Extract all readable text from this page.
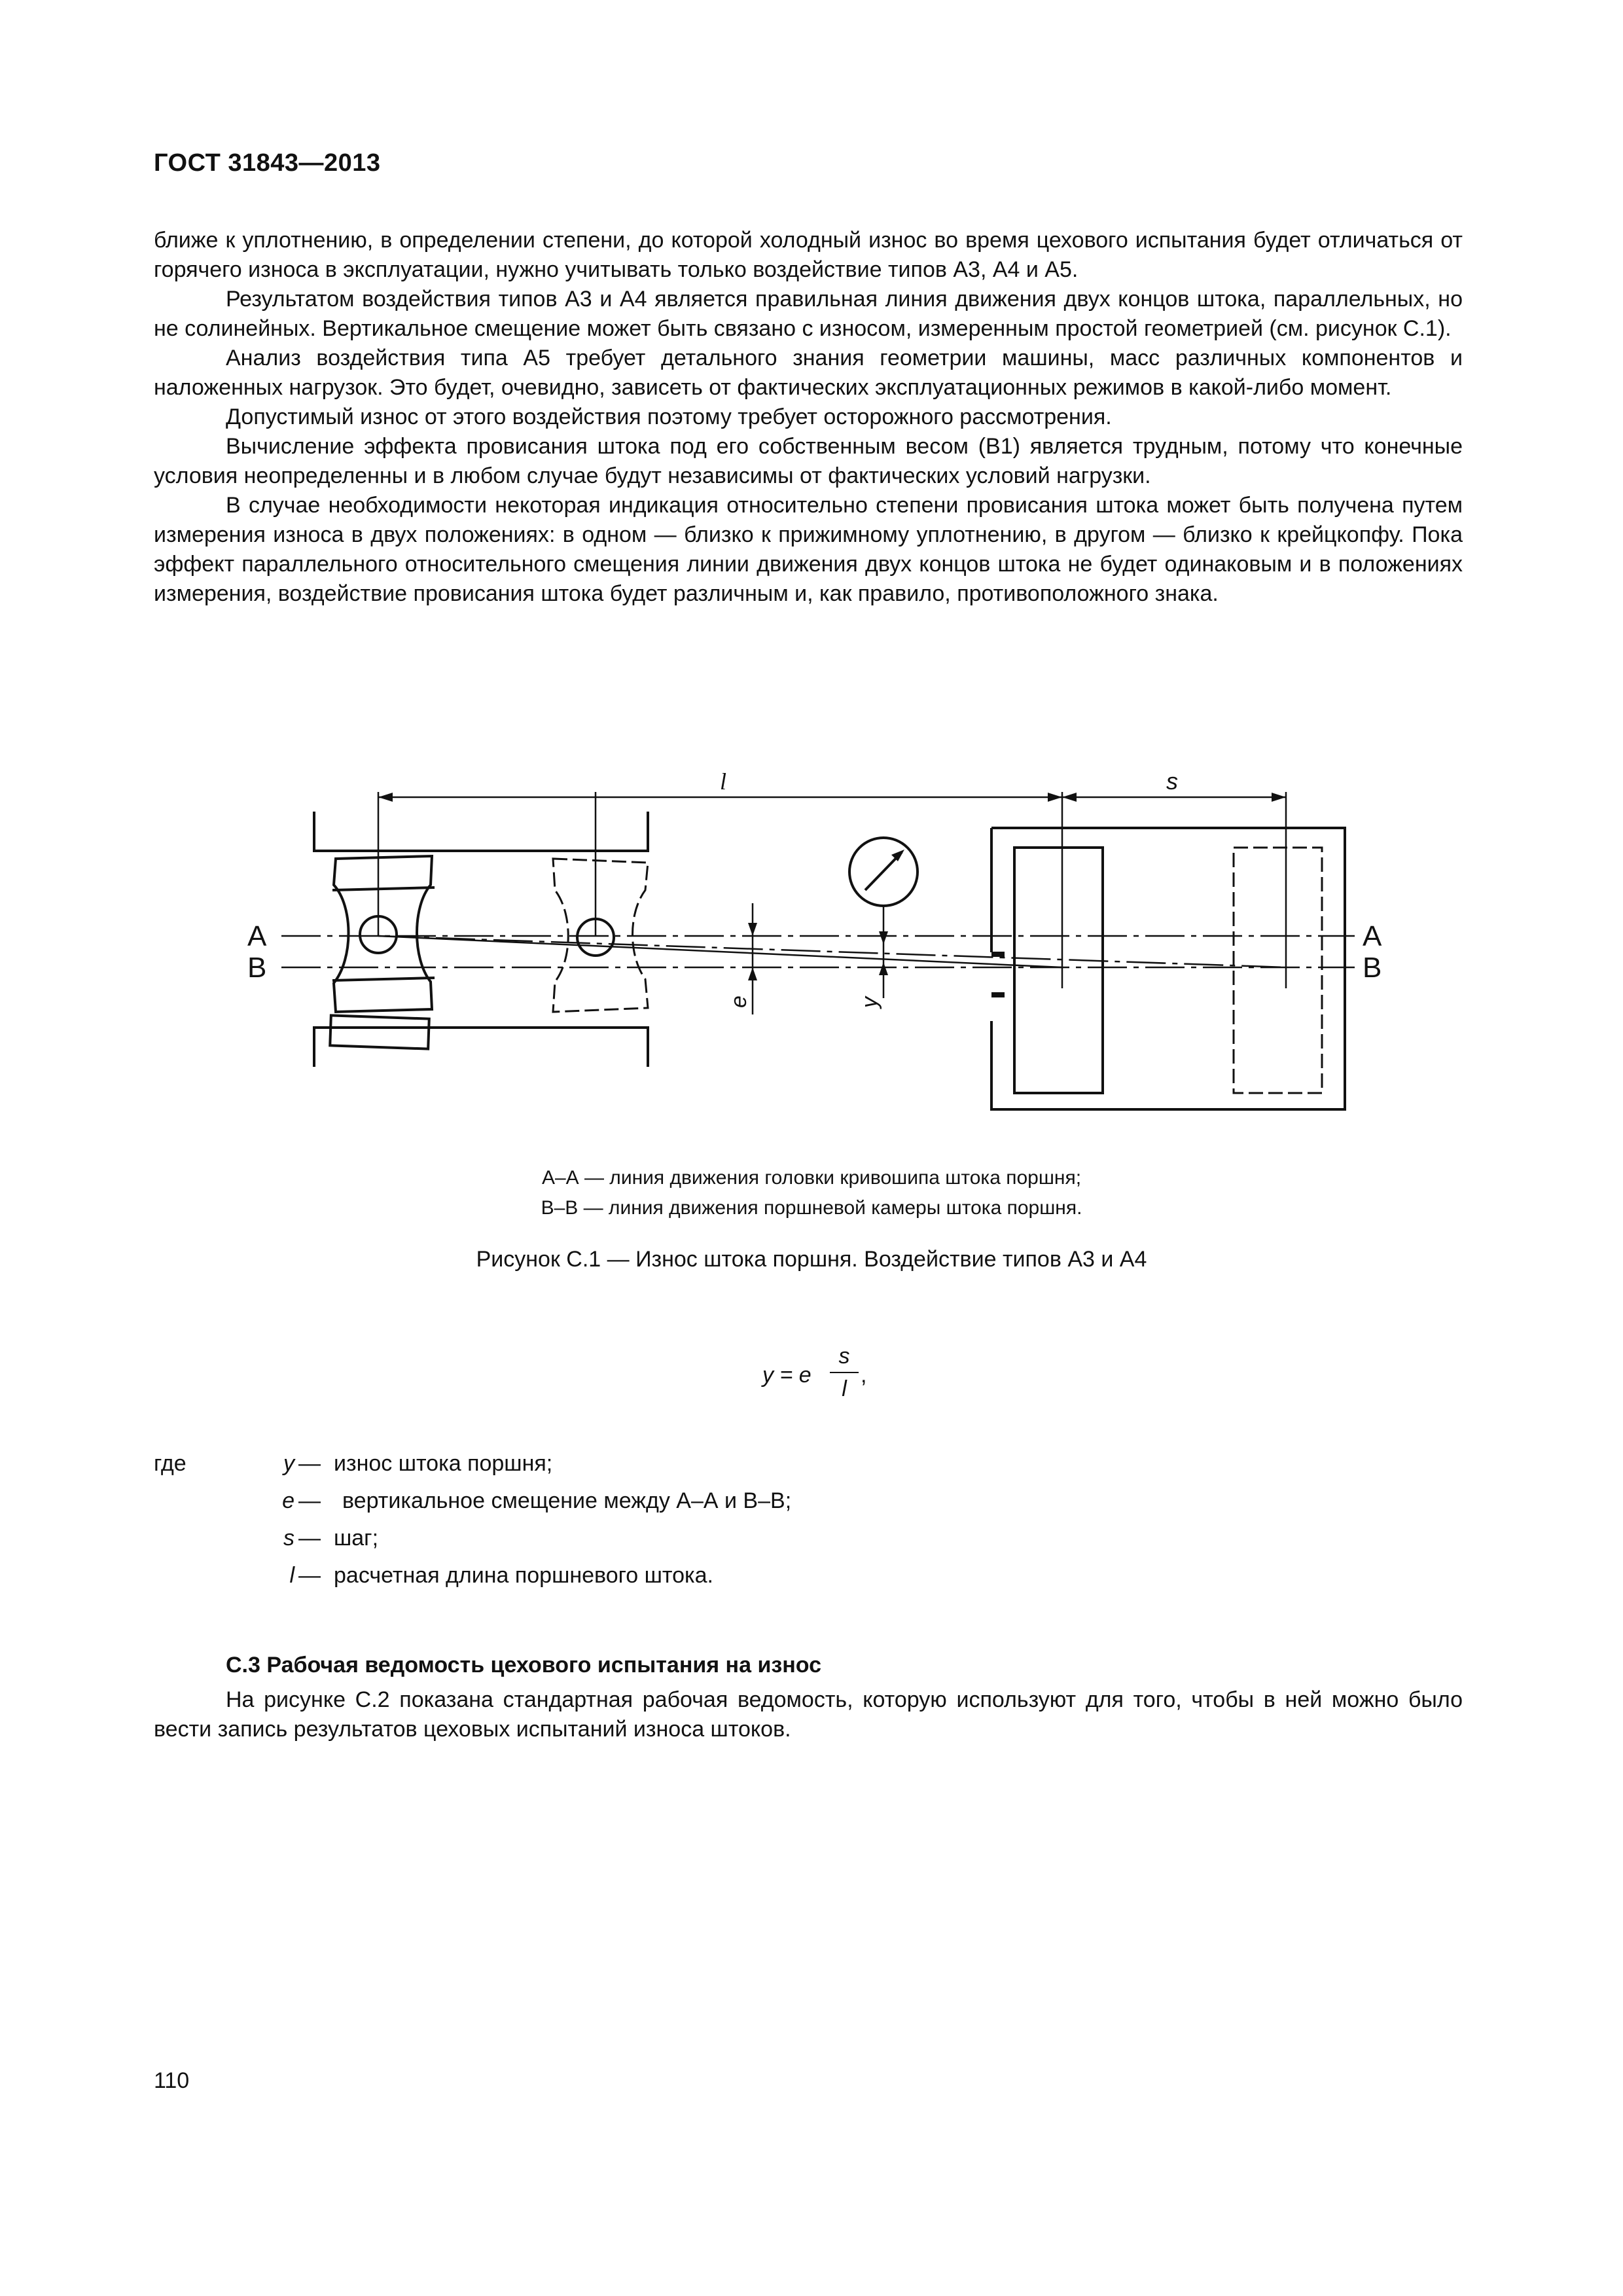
ГОСТ 31843—2013

ближе к уплотнению, в определении степени, до которой холодный износ во время цехового испытания будет отличаться от горячего износа в эксплуатации, нужно учитывать только воздействие типов А3, А4 и А5.

Результатом воздействия типов А3 и А4 является правильная линия движения двух концов штока, параллельных, но не солинейных. Вертикальное смещение может быть связано с износом, измеренным простой геометрией (см. рисунок С.1).

Анализ воздействия типа А5 требует детального знания геометрии машины, масс различных компонентов и наложенных нагрузок. Это будет, очевидно, зависеть от фактических эксплуатационных режимов в какой-либо момент.

Допустимый износ от этого воздействия поэтому требует осторожного рассмотрения.

Вычисление эффекта провисания штока под его собственным весом (В1) является трудным, потому что конечные условия неопределенны и в любом случае будут независимы от фактических условий нагрузки.

В случае необходимости некоторая индикация относительно степени провисания штока может быть получена путем измерения износа в двух положениях: в одном — близко к прижимному уплотнению, в другом — близко к крейцкопфу. Пока эффект параллельного относительного смещения линии движения двух концов штока не будет одинаковым и в положениях измерения, воздействие провисания штока будет различным и, как правило, противоположного знака.

l	s
A
B
A
B
e	y
А–А — линия движения головки кривошипа штока поршня;
В–В — линия движения поршневой камеры штока поршня.
Рисунок С.1 — Износ штока поршня. Воздействие типов А3 и А4
y = e
s
l
,
где	y — износ штока поршня;
e — вертикальное смещение между А–А и В–В;
s — шаг;
l — расчетная длина поршневого штока.
С.3 Рабочая ведомость цехового испытания на износ

На рисунке С.2 показана стандартная рабочая ведомость, которую используют для того, чтобы в ней можно было вести запись результатов цеховых испытаний износа штоков.

110
